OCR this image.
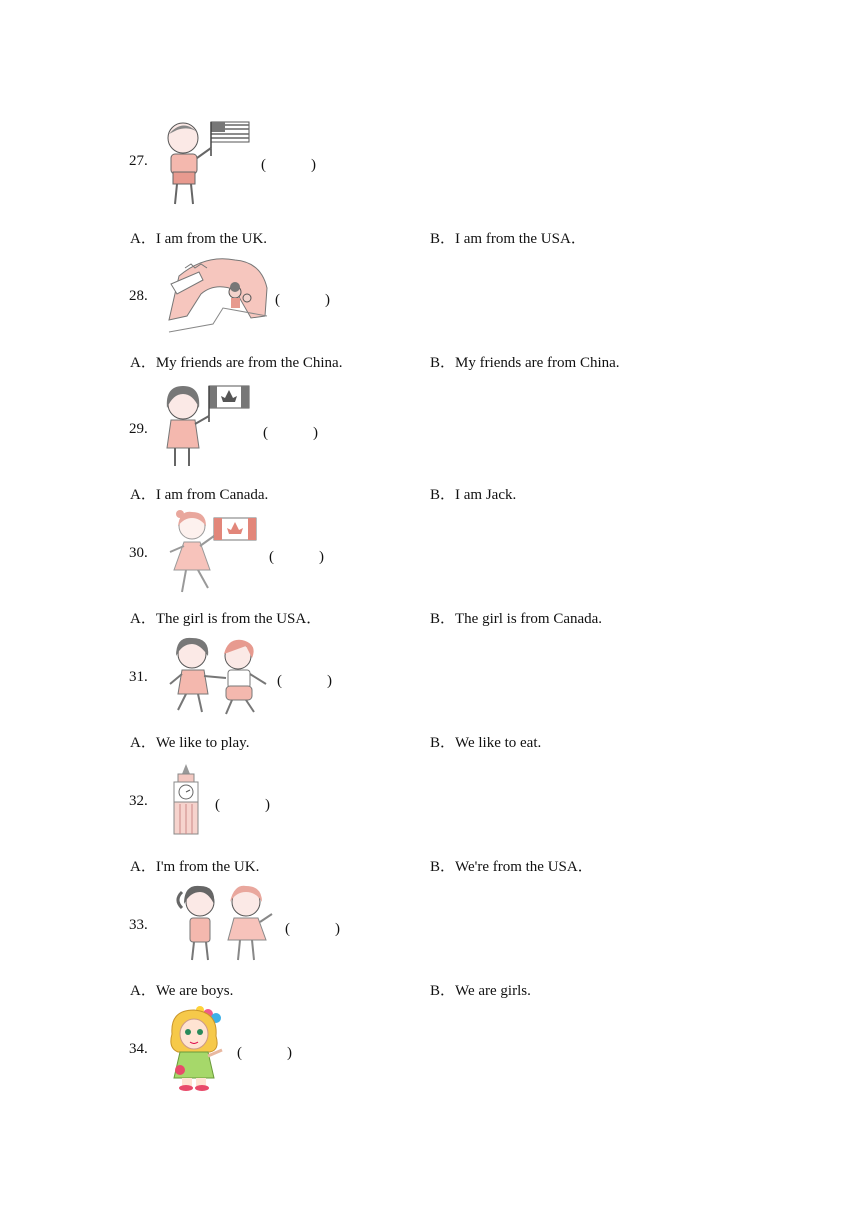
27.	(　　　)
A．I am from the UK.	B．I am from the USA．
28.	(　　　)
A．My friends are from the China.	B．My friends are from China.
29.	(　　　)
A．I am from Canada.	B．I am Jack.
30.	(　　　)
A．The girl is from the USA．	B．The girl is from Canada.
31.	(　　　)
A．We like to play.	B．We like to eat.
32.	(　　　)
A．I'm from the UK.	B．We're from the USA．
33.	(　　　)
A．We are boys.	B．We are girls.
34.	(　　　)
